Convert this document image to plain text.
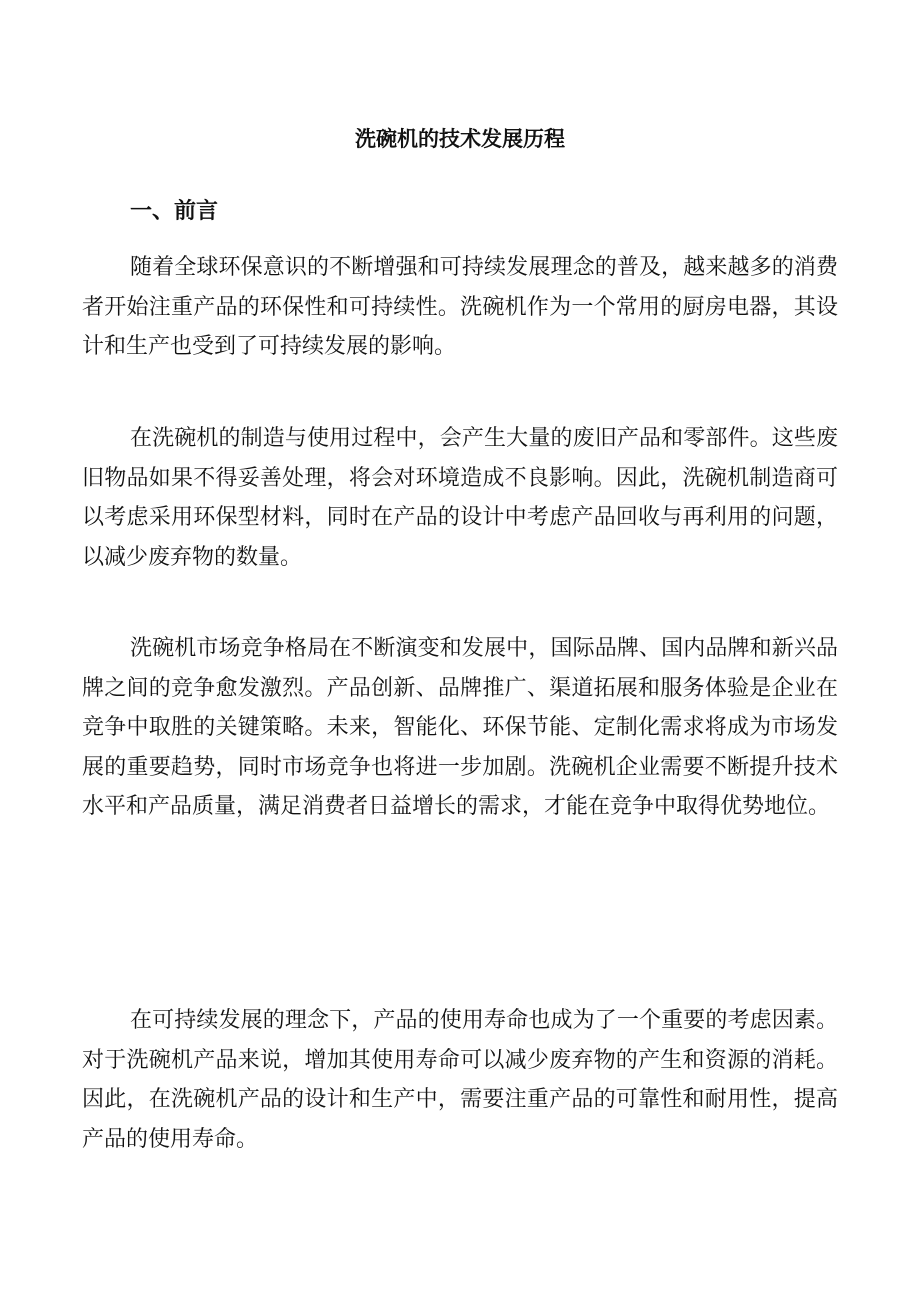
洗碗机的技术发展历程
一、前言

随着全球环保意识的不断增强和可持续发展理念的普及，越来越多的消费者开始注重产品的环保性和可持续性。洗碗机作为一个常用的厨房电器，其设计和生产也受到了可持续发展的影响。

在洗碗机的制造与使用过程中，会产生大量的废旧产品和零部件。这些废旧物品如果不得妥善处理，将会对环境造成不良影响。因此，洗碗机制造商可以考虑采用环保型材料，同时在产品的设计中考虑产品回收与再利用的问题，以减少废弃物的数量。

洗碗机市场竞争格局在不断演变和发展中，国际品牌、国内品牌和新兴品牌之间的竞争愈发激烈。产品创新、品牌推广、渠道拓展和服务体验是企业在竞争中取胜的关键策略。未来，智能化、环保节能、定制化需求将成为市场发展的重要趋势，同时市场竞争也将进一步加剧。洗碗机企业需要不断提升技术水平和产品质量，满足消费者日益增长的需求，才能在竞争中取得优势地位。

在可持续发展的理念下，产品的使用寿命也成为了一个重要的考虑因素。对于洗碗机产品来说，增加其使用寿命可以减少废弃物的产生和资源的消耗。因此，在洗碗机产品的设计和生产中，需要注重产品的可靠性和耐用性，提高产品的使用寿命。
